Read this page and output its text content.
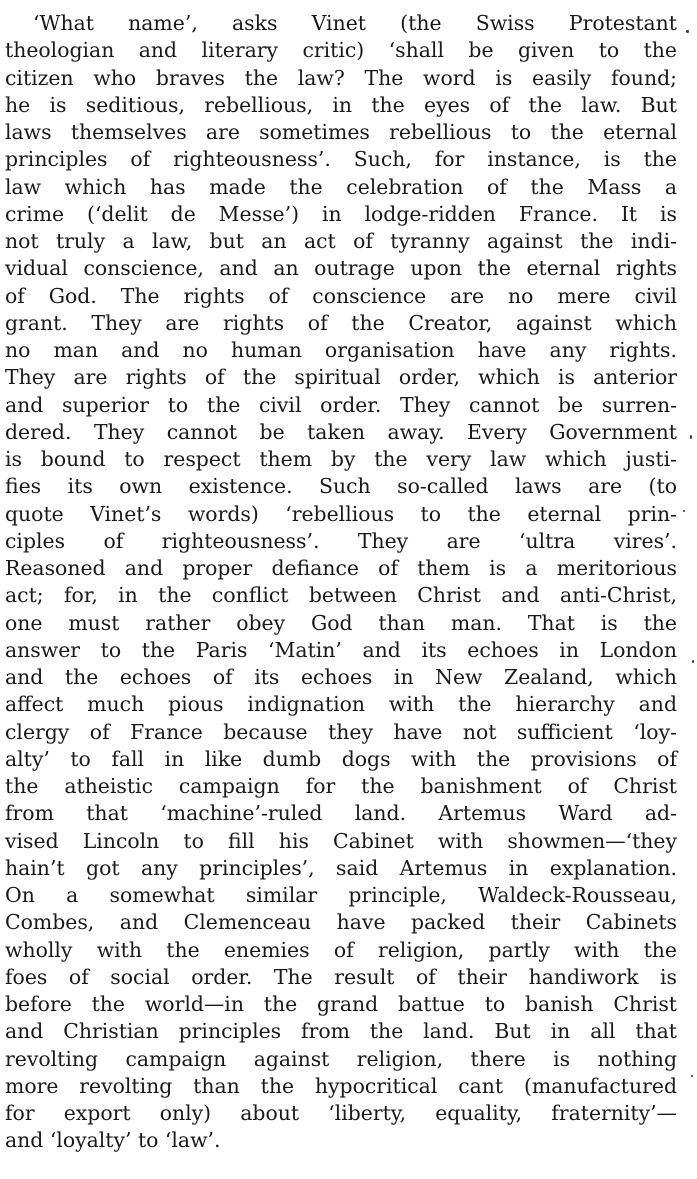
‘What name’, asks Vinet (the Swiss Protestant
theologian and literary critic) ‘shall be given to the
citizen who braves the law? The word is easily found;
he is seditious, rebellious, in the eyes of the law. But
laws themselves are sometimes rebellious to the eternal
principles of righteousness’. Such, for instance, is the
law which has made the celebration of the Mass a
crime (‘delit de Messe’) in lodge-ridden France. It is
not truly a law, but an act of tyranny against the indi-
vidual conscience, and an outrage upon the eternal rights
of God. The rights of conscience are no mere civil
grant. They are rights of the Creator, against which
no man and no human organisation have any rights.
They are rights of the spiritual order, which is anterior
and superior to the civil order. They cannot be surren-
dered. They cannot be taken away. Every Government
is bound to respect them by the very law which justi-
fies its own existence. Such so-called laws are (to
quote Vinet’s words) ‘rebellious to the eternal prin-
ciples of righteousness’. They are ‘ultra vires’.
Reasoned and proper defiance of them is a meritorious
act; for, in the conflict between Christ and anti-Christ,
one must rather obey God than man. That is the
answer to the Paris ‘Matin’ and its echoes in London
and the echoes of its echoes in New Zealand, which
affect much pious indignation with the hierarchy and
clergy of France because they have not sufficient ‘loy-
alty’ to fall in like dumb dogs with the provisions of
the atheistic campaign for the banishment of Christ
from that ‘machine’-ruled land. Artemus Ward ad-
vised Lincoln to fill his Cabinet with showmen—‘they
hain’t got any principles’, said Artemus in explanation.
On a somewhat similar principle, Waldeck-Rousseau,
Combes, and Clemenceau have packed their Cabinets
wholly with the enemies of religion, partly with the
foes of social order. The result of their handiwork is
before the world—in the grand battue to banish Christ
and Christian principles from the land. But in all that
revolting campaign against religion, there is nothing
more revolting than the hypocritical cant (manufactured
for export only) about ‘liberty, equality, fraternity’—
and ‘loyalty’ to ‘law’.
